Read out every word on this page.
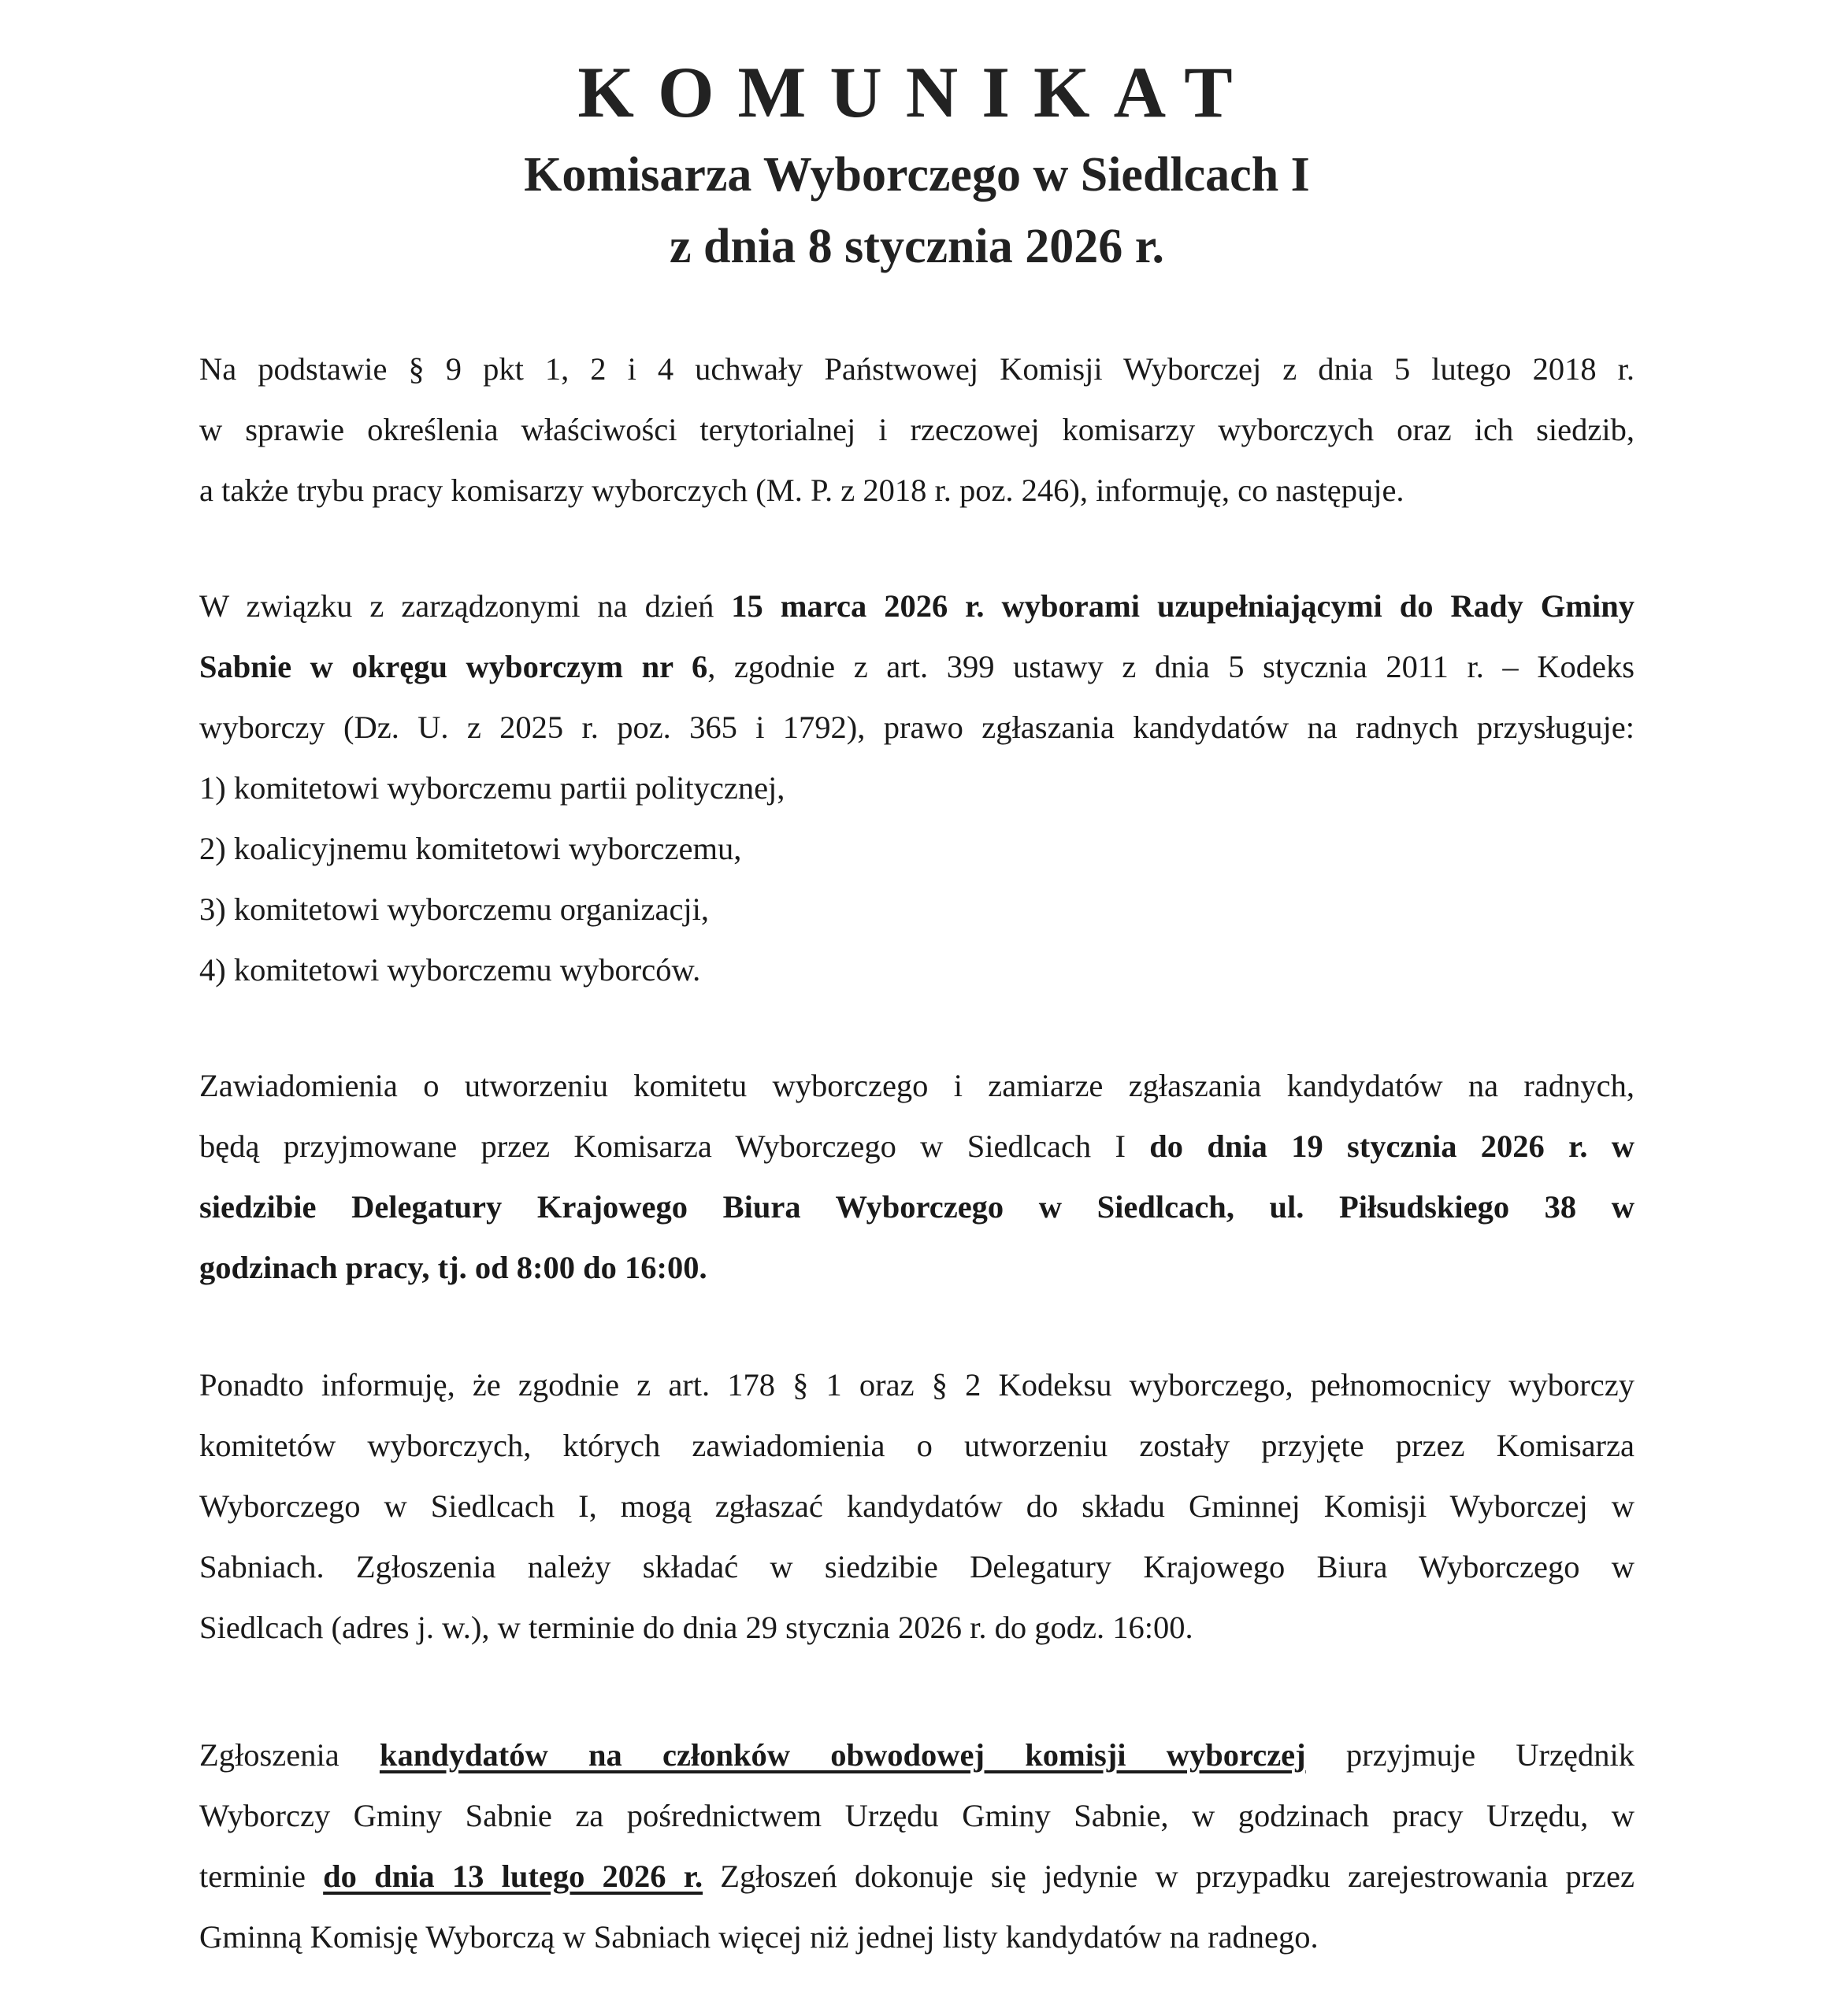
KOMUNIKAT
Komisarza Wyborczego w Siedlcach I
z dnia 8 stycznia 2026 r.
Na podstawie § 9 pkt 1, 2 i 4 uchwały Państwowej Komisji Wyborczej z dnia 5 lutego 2018 r.
w sprawie określenia właściwości terytorialnej i rzeczowej komisarzy wyborczych oraz ich siedzib,
a także trybu pracy komisarzy wyborczych (M. P. z 2018 r. poz. 246), informuję, co następuje.
W związku z zarządzonymi na dzień 15 marca 2026 r. wyborami uzupełniającymi do Rady Gminy
Sabnie w okręgu wyborczym nr 6, zgodnie z art. 399 ustawy z dnia 5 stycznia 2011 r. – Kodeks
wyborczy (Dz. U. z 2025 r. poz. 365 i 1792), prawo zgłaszania kandydatów na radnych przysługuje:
1) komitetowi wyborczemu partii politycznej,
2) koalicyjnemu komitetowi wyborczemu,
3) komitetowi wyborczemu organizacji,
4) komitetowi wyborczemu wyborców.
Zawiadomienia o utworzeniu komitetu wyborczego i zamiarze zgłaszania kandydatów na radnych,
będą przyjmowane przez Komisarza Wyborczego w Siedlcach I do dnia 19 stycznia 2026 r. w
siedzibie Delegatury Krajowego Biura Wyborczego w Siedlcach, ul. Piłsudskiego 38 w
godzinach pracy, tj. od 8:00 do 16:00.
Ponadto informuję, że zgodnie z art. 178 § 1 oraz § 2 Kodeksu wyborczego, pełnomocnicy wyborczy
komitetów wyborczych, których zawiadomienia o utworzeniu zostały przyjęte przez Komisarza
Wyborczego w Siedlcach I, mogą zgłaszać kandydatów do składu Gminnej Komisji Wyborczej w
Sabniach. Zgłoszenia należy składać w siedzibie Delegatury Krajowego Biura Wyborczego w
Siedlcach (adres j. w.), w terminie do dnia 29 stycznia 2026 r. do godz. 16:00.
Zgłoszenia kandydatów na członków obwodowej komisji wyborczej przyjmuje Urzędnik
Wyborczy Gminy Sabnie za pośrednictwem Urzędu Gminy Sabnie, w godzinach pracy Urzędu, w
terminie do dnia 13 lutego 2026 r. Zgłoszeń dokonuje się jedynie w przypadku zarejestrowania przez
Gminną Komisję Wyborczą w Sabniach więcej niż jednej listy kandydatów na radnego.
